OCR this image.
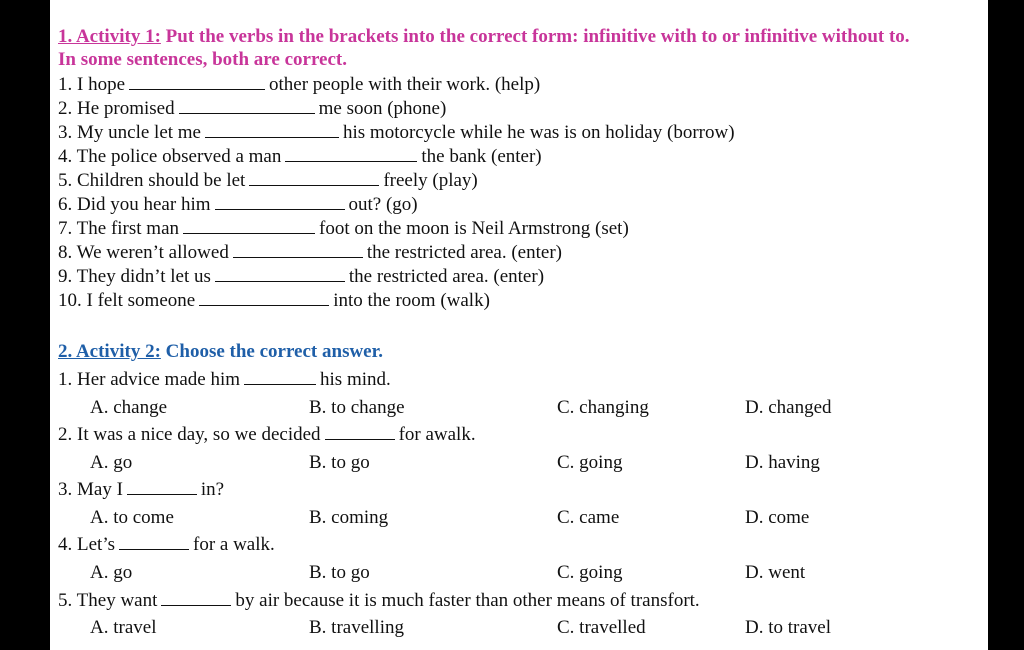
1. Activity 1: Put the verbs in the brackets into the correct form: infinitive with to or infinitive without to. In some sentences, both are correct.
1. I hope	other people with their work. (help)
2. He promised	me soon (phone)
3. My uncle let me	his motorcycle while he was is on holiday (borrow)
4. The police observed a man	the bank (enter)
5. Children should be let	freely (play)
6. Did you hear him	out? (go)
7. The first man	foot on the moon is Neil Armstrong (set)
8. We weren’t allowed	the restricted area. (enter)
9. They didn’t let us	the restricted area. (enter)
10. I felt someone	into the room (walk)
2. Activity 2: Choose the correct answer.
1. Her advice made him	his mind.
A. change	B. to change	C. changing	D. changed
2. It was a nice day, so we decided	for awalk.
A. go	B. to go	C. going	D. having
3. May I	in?
A. to come	B. coming	C. came	D. come
4. Let’s	for a walk.
A. go	B. to go	C. going	D. went
5. They want	by air because it is much faster than other means of transfort.
A. travel	B. travelling	C. travelled	D. to travel
